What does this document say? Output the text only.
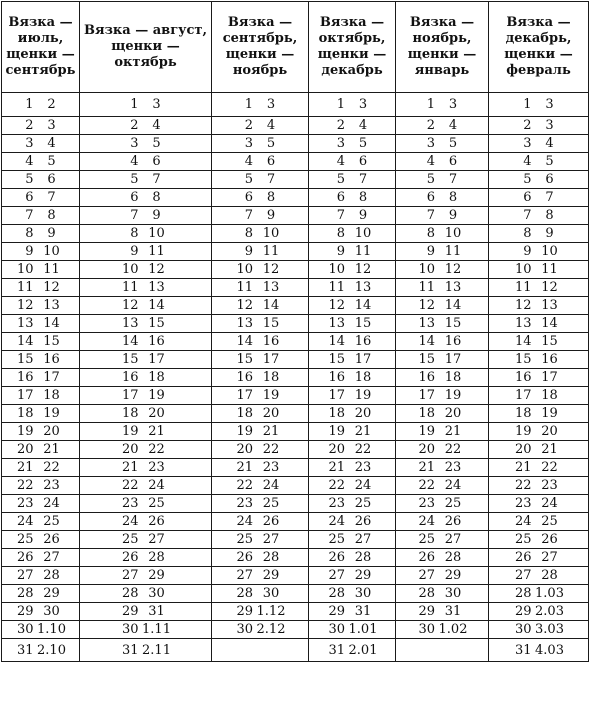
Вязка —
июль,
щенки —
сентябрь	Вязка — август,
щенки —
октябрь	Вязка —
сентябрь,
щенки —
ноябрь	Вязка —
октябрь,
щенки —
декабрь	Вязка —
ноябрь,
щенки —
январь	Вязка —
декабрь,
щенки —
февраль

1 2	1 3	1 3	1 3	1 3	1 3

2 3	2 4	2 4	2 4	2 4	2 3

3 4	3 5	3 5	3 5	3 5	3 4

4 5	4 6	4 6	4 6	4 6	4 5

5 6	5 7	5 7	5 7	5 7	5 6

6 7	6 8	6 8	6 8	6 8	6 7

7 8	7 9	7 9	7 9	7 9	7 8

8 9	8 10	8 10	8 10	8 10	8 9

9 10	9 11	9 11	9 11	9 11	9 10

10 11	10 12	10 12	10 12	10 12	10 11

11 12	11 13	11 13	11 13	11 13	11 12

12 13	12 14	12 14	12 14	12 14	12 13

13 14	13 15	13 15	13 15	13 15	13 14

14 15	14 16	14 16	14 16	14 16	14 15

15 16	15 17	15 17	15 17	15 17	15 16

16 17	16 18	16 18	16 18	16 18	16 17

17 18	17 19	17 19	17 19	17 19	17 18

18 19	18 20	18 20	18 20	18 20	18 19

19 20	19 21	19 21	19 21	19 21	19 20

20 21	20 22	20 22	20 22	20 22	20 21

21 22	21 23	21 23	21 23	21 23	21 22

22 23	22 24	22 24	22 24	22 24	22 23

23 24	23 25	23 25	23 25	23 25	23 24

24 25	24 26	24 26	24 26	24 26	24 25

25 26	25 27	25 27	25 27	25 27	25 26

26 27	26 28	26 28	26 28	26 28	26 27

27 28	27 29	27 29	27 29	27 29	27 28

28 29	28 30	28 30	28 30	28 30	28 1.03

29 30	29 31	29 1.12	29 31	29 31	29 2.03

30 1.10	30 1.11	30 2.12	30 1.01	30 1.02	30 3.03

31 2.10	31 2.11		31 2.01		31 4.03
